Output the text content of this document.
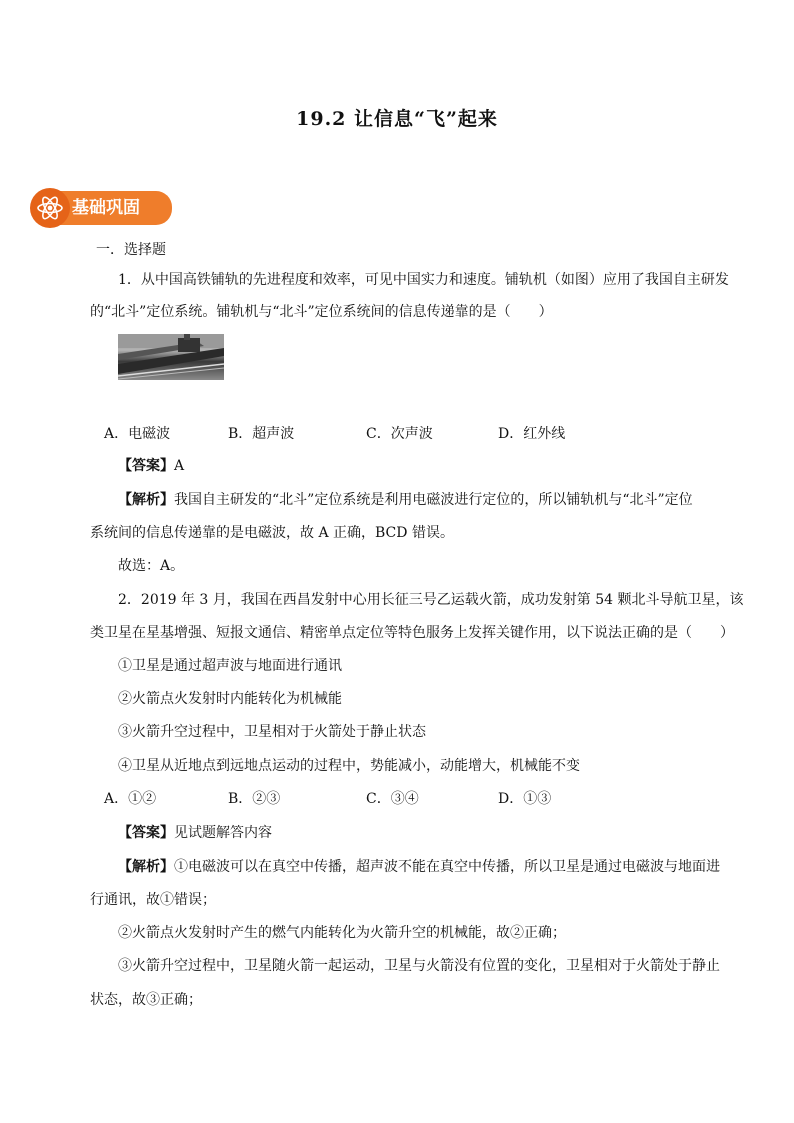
19.2 让信息“飞”起来
基础巩固
一．选择题
1．从中国高铁铺轨的先进程度和效率，可见中国实力和速度。铺轨机（如图）应用了我国自主研发
的“北斗”定位系统。铺轨机与“北斗”定位系统间的信息传递靠的是（　　）
A．电磁波	B．超声波	C．次声波	D．红外线
【答案】A
【解析】我国自主研发的“北斗”定位系统是利用电磁波进行定位的，所以铺轨机与“北斗”定位
系统间的信息传递靠的是电磁波，故 A 正确，BCD 错误。
故选：A。
2．2019 年 3 月，我国在西昌发射中心用长征三号乙运载火箭，成功发射第 54 颗北斗导航卫星，该
类卫星在星基增强、短报文通信、精密单点定位等特色服务上发挥关键作用，以下说法正确的是（　　）
①卫星是通过超声波与地面进行通讯
②火箭点火发射时内能转化为机械能
③火箭升空过程中，卫星相对于火箭处于静止状态
④卫星从近地点到远地点运动的过程中，势能减小，动能增大，机械能不变
A．①②	B．②③	C．③④	D．①③
【答案】见试题解答内容
【解析】①电磁波可以在真空中传播，超声波不能在真空中传播，所以卫星是通过电磁波与地面进
行通讯，故①错误；
②火箭点火发射时产生的燃气内能转化为火箭升空的机械能，故②正确；
③火箭升空过程中，卫星随火箭一起运动，卫星与火箭没有位置的变化，卫星相对于火箭处于静止
状态，故③正确；
